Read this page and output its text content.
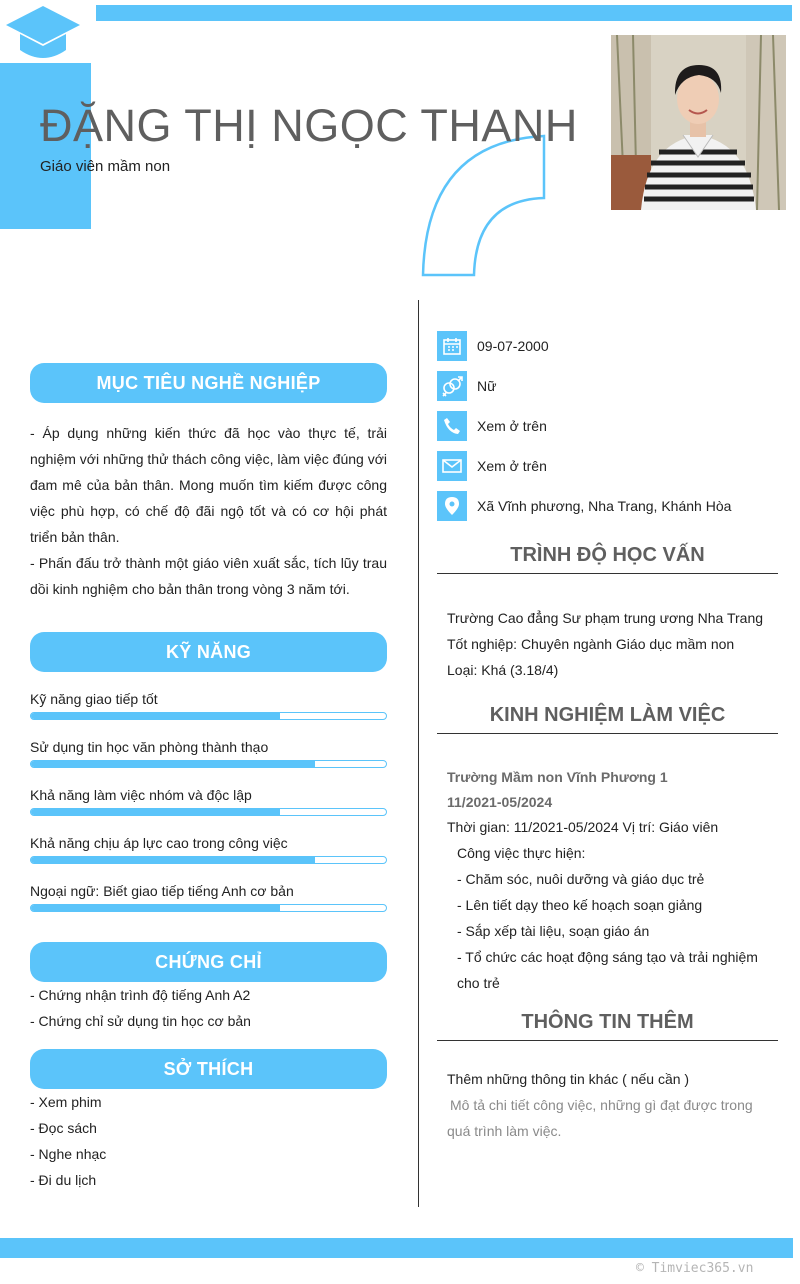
ĐẶNG THỊ NGỌC THANH
Giáo viên mầm non
MỤC TIÊU NGHỀ NGHIỆP

- Áp dụng những kiến thức đã học vào thực tế, trải nghiệm với những thử thách công việc, làm việc đúng với đam mê của bản thân. Mong muốn tìm kiếm được công việc phù hợp, có chế độ đãi ngộ tốt và có cơ hội phát triển bản thân.

- Phấn đấu trở thành một giáo viên xuất sắc, tích lũy trau dồi kinh nghiệm cho bản thân trong vòng 3 năm tới.

KỸ NĂNG
Kỹ năng giao tiếp tốt
Sử dụng tin học văn phòng thành thạo
Khả năng làm việc nhóm và độc lập
Khả năng chịu áp lực cao trong công việc
Ngoại ngữ: Biết giao tiếp tiếng Anh cơ bản
CHỨNG CHỈ
- Chứng nhận trình độ tiếng Anh A2
- Chứng chỉ sử dụng tin học cơ bản
SỞ THÍCH
- Xem phim
- Đọc sách
- Nghe nhạc
- Đi du lịch
09-07-2000
Nữ
Xem ở trên
Xem ở trên
Xã Vĩnh phương, Nha Trang, Khánh Hòa
TRÌNH ĐỘ HỌC VẤN
Trường Cao đẳng Sư phạm trung ương Nha Trang
Tốt nghiệp: Chuyên ngành Giáo dục mầm non
Loại: Khá (3.18/4)
KINH NGHIỆM LÀM VIỆC
Trường Mầm non Vĩnh Phương 1
11/2021-05/2024
Thời gian: 11/2021-05/2024 Vị trí: Giáo viên
Công việc thực hiện:
- Chăm sóc, nuôi dưỡng và giáo dục trẻ
- Lên tiết dạy theo kế hoạch soạn giảng
- Sắp xếp tài liệu, soạn giáo án
- Tổ chức các hoạt động sáng tạo và trải nghiệm cho trẻ
THÔNG TIN THÊM
Thêm những thông tin khác ( nếu cần )
Mô tả chi tiết công việc, những gì đạt được trong quá trình làm việc.
© Timviec365.vn
